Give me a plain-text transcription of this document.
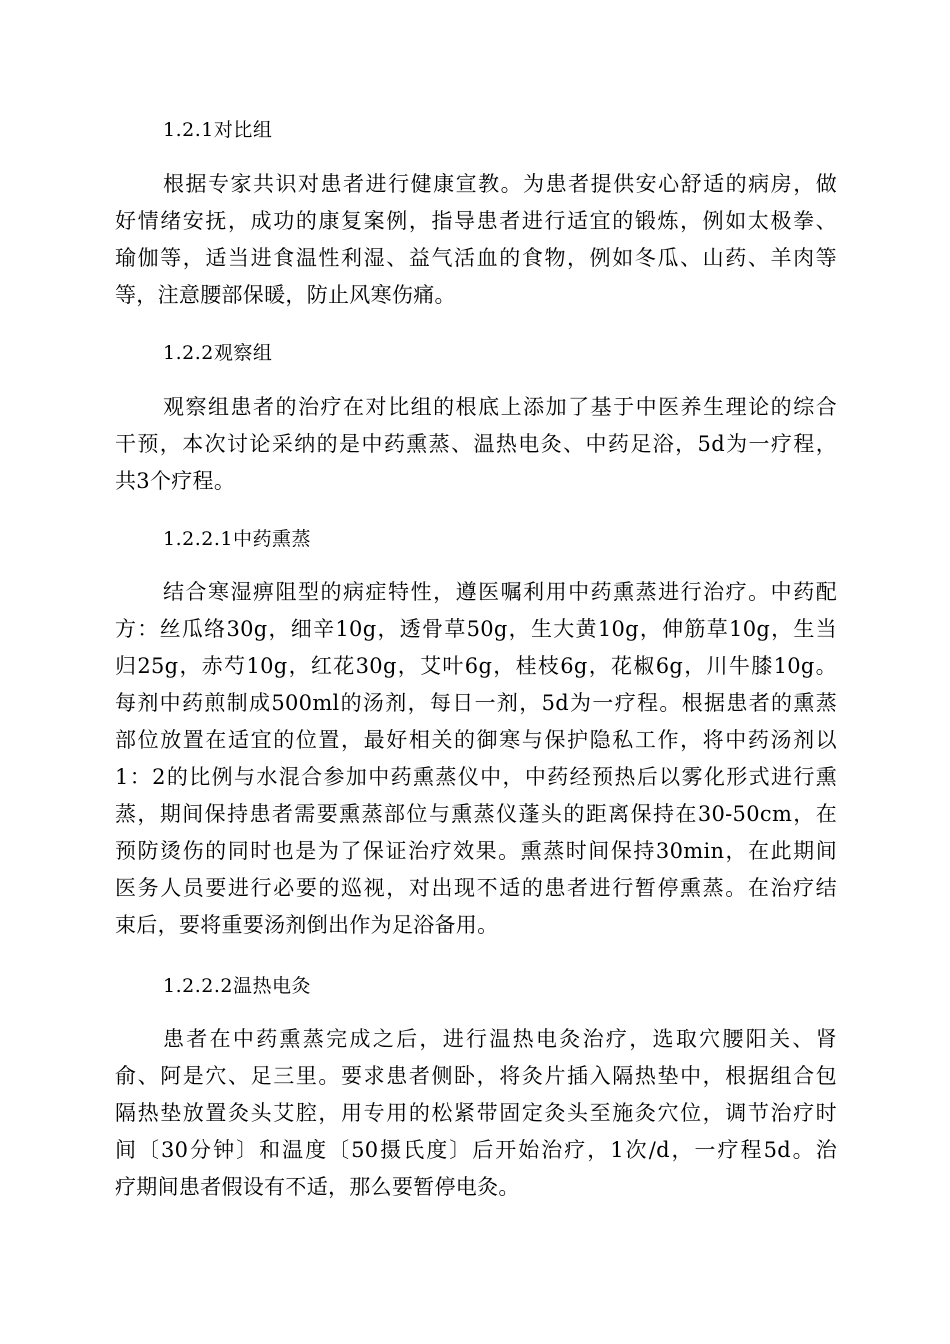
1.2.1对比组
根据专家共识对患者进行健康宣教。为患者提供安心舒适的病房，做
好情绪安抚，成功的康复案例，指导患者进行适宜的锻炼，例如太极拳、
瑜伽等，适当进食温性利湿、益气活血的食物，例如冬瓜、山药、羊肉等
等，注意腰部保暖，防止风寒伤痛。
1.2.2观察组
观察组患者的治疗在对比组的根底上添加了基于中医养生理论的综合
干预，本次讨论采纳的是中药熏蒸、温热电灸、中药足浴，5d为一疗程，
共3个疗程。
1.2.2.1中药熏蒸
结合寒湿痹阻型的病症特性，遵医嘱利用中药熏蒸进行治疗。中药配
方：丝瓜络30g，细辛10g，透骨草50g，生大黄10g，伸筋草10g，生当
归25g，赤芍10g，红花30g，艾叶6g，桂枝6g，花椒6g，川牛膝10g。
每剂中药煎制成500ml的汤剂，每日一剂，5d为一疗程。根据患者的熏蒸
部位放置在适宜的位置，最好相关的御寒与保护隐私工作，将中药汤剂以
1：2的比例与水混合参加中药熏蒸仪中，中药经预热后以雾化形式进行熏
蒸，期间保持患者需要熏蒸部位与熏蒸仪蓬头的距离保持在30-50cm，在
预防烫伤的同时也是为了保证治疗效果。熏蒸时间保持30min，在此期间
医务人员要进行必要的巡视，对出现不适的患者进行暂停熏蒸。在治疗结
束后，要将重要汤剂倒出作为足浴备用。
1.2.2.2温热电灸
患者在中药熏蒸完成之后，进行温热电灸治疗，选取穴腰阳关、肾
俞、阿是穴、足三里。要求患者侧卧，将灸片插入隔热垫中，根据组合包
隔热垫放置灸头艾腔，用专用的松紧带固定灸头至施灸穴位，调节治疗时
间〔30分钟〕和温度〔50摄氏度〕后开始治疗，1次/d，一疗程5d。治
疗期间患者假设有不适，那么要暂停电灸。
